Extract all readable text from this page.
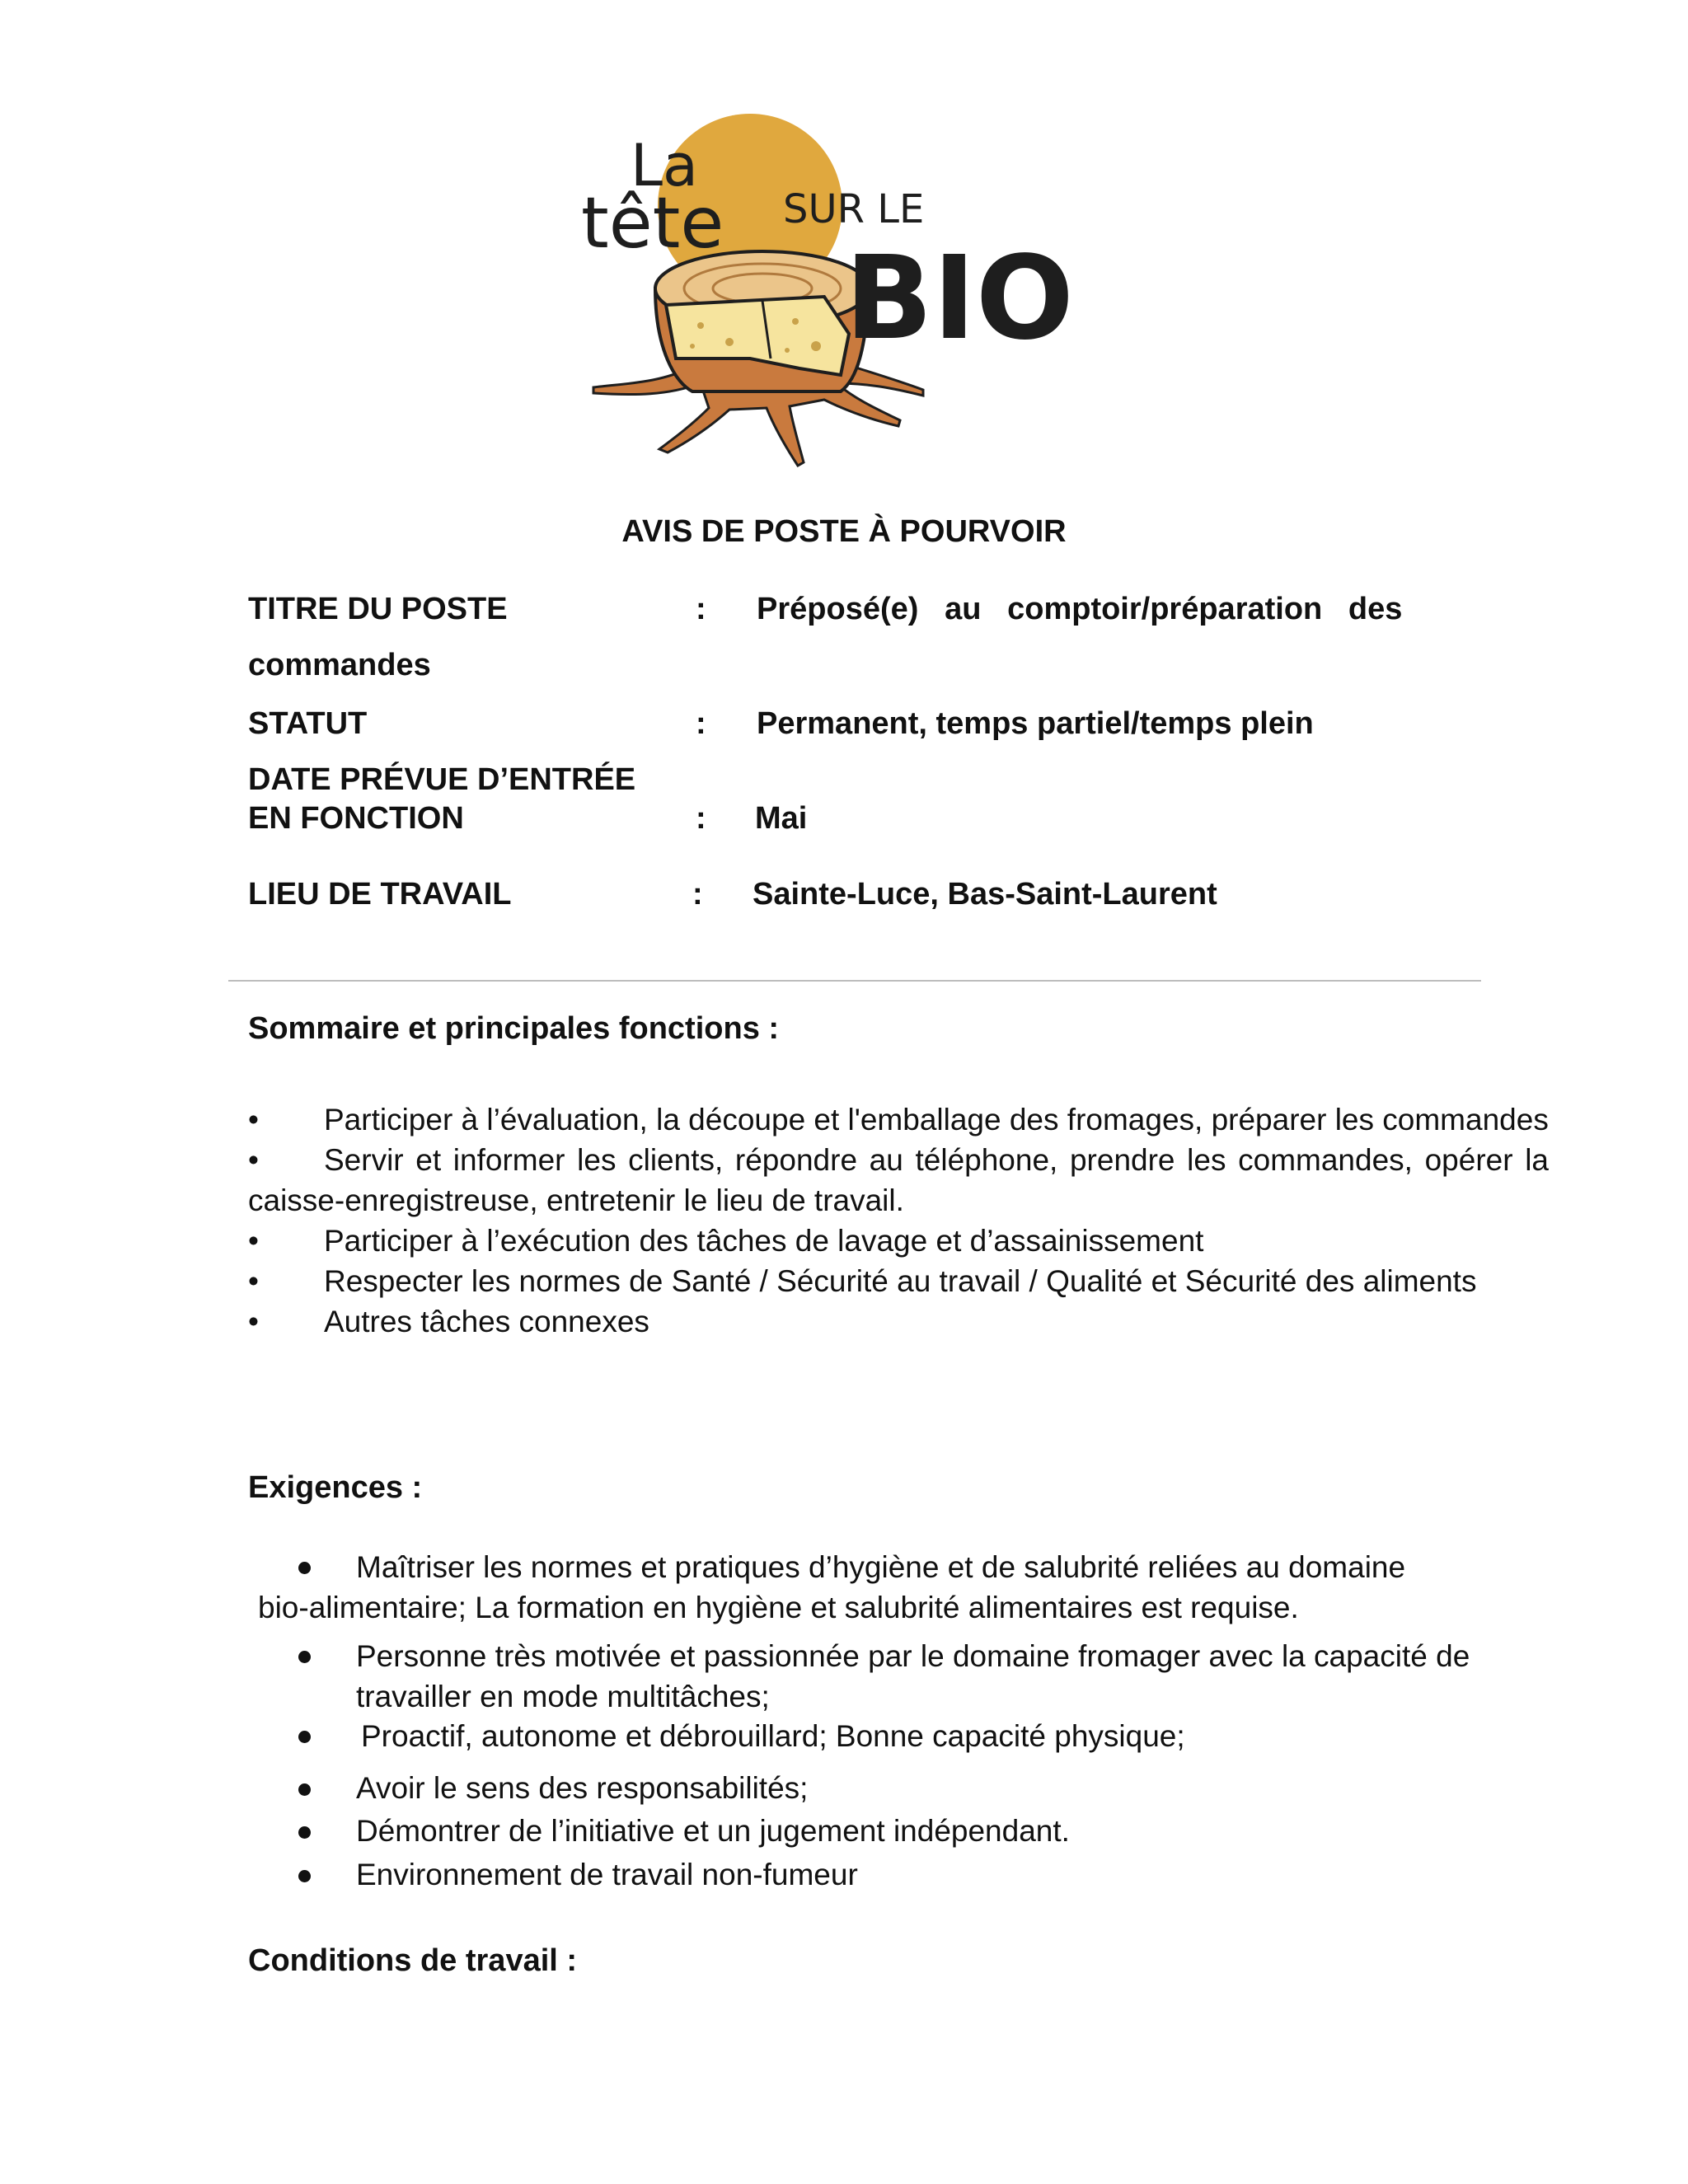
La
tête SUR LE
BIO
AVIS DE POSTE À POURVOIR
TITRE DU POSTE	: Préposé(e)   au   comptoir/préparation   des
commandes
STATUT	: Permanent, temps partiel/temps plein
DATE PRÉVUE D’ENTRÉE
EN FONCTION	: Mai
LIEU DE TRAVAIL	: Sainte-Luce, Bas-Saint-Laurent
Sommaire et principales fonctions :
• Participer à l’évaluation, la découpe et l'emballage des fromages, préparer les commandes
• Servir et informer les clients, répondre au téléphone, prendre les commandes, opérer la caisse-enregistreuse, entretenir le lieu de travail.
• Participer à l’exécution des tâches de lavage et d’assainissement
• Respecter les normes de Santé / Sécurité au travail / Qualité et Sécurité des aliments
• Autres tâches connexes
Exigences :
Maîtriser les normes et pratiques d’hygiène et de salubrité reliées au domaine
bio-alimentaire; La formation en hygiène et salubrité alimentaires est requise.
Personne très motivée et passionnée par le domaine fromager avec la capacité de travailler en mode multitâches;
Proactif, autonome et débrouillard; Bonne capacité physique;
Avoir le sens des responsabilités;
Démontrer de l’initiative et un jugement indépendant.
Environnement de travail non-fumeur
Conditions de travail :
